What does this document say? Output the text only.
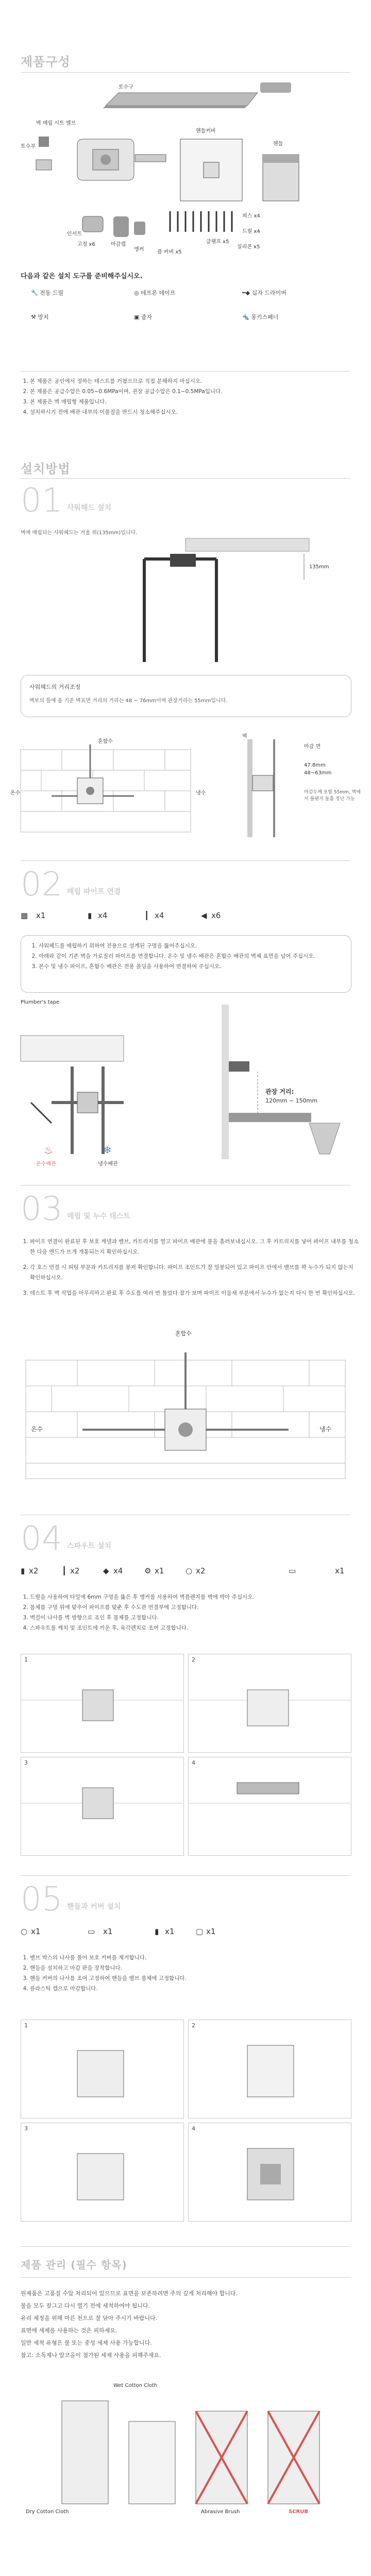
제품구성
토수구
벽 매립 시트 밸브
토수부
핸들커버
핸들
인서트
마감캡
앵커	플 커버 x5
피스 x4
드릴 x4
실리콘 x5
클램프 x5
고정 x6
다음과 같은 설치 도구를 준비해주십시오.
🔧 전동 드릴	◎ 테프론 테이프	━◆ 십자 드라이버
⚒ 망치	▣ 줄자	🔩 몽키스패너
1. 본 제품은 공인에서 정하는 테스트를 거쳤으므로 직접 분해하지 마십시오.
2. 본 제품은 공급수압은 0.05~0.6MPa이며, 권장 공급수압은 0.1~0.5MPa입니다.
3. 본 제품은 벽 매립형 제품입니다.
4. 설치하시기 전에 배관 내부의 이물질을 반드시 청소해주십시오.
설치방법
01 사워헤드 설치
벽에 매립되는 사워헤드는 거울 위(135mm)입니다.
135mm
사워헤드의 거리조정
벽보의 틀에 올 기준 벽표면 거리의 거리는 48 ~ 76mm이며 관장거리는 55mm입니다.
혼합수
온수	냉수
벽
마감 면
47.8mm
48~63mm
마감두께 포함 55mm, 벽에서 플랜지 돌출 정난 가능
02 매립 파이프 연결
▦ x1	▮ x4	┃ x4	◀ x6
1. 샤워헤드를 매립하기 위하여 전용으로 설계된 구멍을 뚫어주십시오.
2. 아래와 같이 기존 벽을 가로질러 파이프를 연결합니다. 온수 및 냉수 배관은 혼합수 배관의 벽체 표면을 넘어 주십시오.
3. 본수 및 냉수 파이프, 혼합수 배관은 전용 몰딩을 사용하여 연결하여 주십시오.
Plumber's tape
관장 거리:
120mm ~ 150mm
온수배관	냉수배관
♨	❄
03 매립 및 누수 테스트
1. 파이프 연결이 완료된 후 보호 캐넬과 밸브, 카트리지를 열고 파이프 배관에 물을 흘려보내십시오. 그 후 카트리지를 넣어 파이프 내부를 청소한 다음 엔드가 뜨개 개통되는지 확인하십시오.
2. 각 호스 연결 시 피팅 부분과 카트리지를 봉져 확인합니다. 파이프 조인트가 잘 밀봉되어 있고 파이프 안에서 밸브를 꽉 누수가 되지 않는지 확인하십시오.
3. 테스트 후 벽 작업을 마무리하고 완료 후 수도를 여러 번 틀었다 잠가 보며 파이프 이음새 부분에서 누수가 없는지 다시 한 번 확인하십시오.
혼합수
온수	냉수
04 스파우트 설치
▮ x2	┃ x2	◆ x4	⚙ x1	○ x2	▭	x1
1. 드릴을 사용하여 타일에 6mm 구멍을 뚫은 후 앵커를 사용하여 벽플랜지를 벽에 박아 주십시오.
2. 몸체를 구멍 위에 맞추어 파이프를 맞춘 후 수도관 연결부에 고정합니다.
3. 벽걸이 나사를 벽 방향으로 조인 후 몸체를 고정합니다.
4. 스파우트를 캐치 및 조인트에 끼운 후, 육각렌치로 조여 고정합니다.
1	2
3	4
05 핸들과 커버 설치
○ x1	▭ x1	▮ x1	▢ x1
1. 벨브 박스의 나사를 풀어 보호 커버를 제거합니다.
2. 핸들을 설치하고 마감 판을 장착합니다.
3. 핸들 커버의 나사를 조여 고정하여 핸들을 밸브 몸체에 고정합니다.
4. 플라스틱 캡으로 마감합니다.
1	2
3	4
제품 관리 (필수 항목)
원제품은 고품질 수압 처리되어 있으므로 표면을 보존하려면 주의 깊게 처리해야 합니다.
물을 모두 잠그고 다시 열기 전에 세척하여야 됩니다.
유리 세정을 위해 마른 천으로 잘 닦아 주시기 바랍니다.
표면에 세제를 사용하는 것은 피하세요.
일반 세척 유형은 물 또는 중성 세제 사용 가능합니다.
참고: 소독제나 알코올이 첨가된 세제 사용을 피해주세요.
Wet Cotton Cloth
Dry Cotton Cloth	Abrasive Brush	SCRUB
